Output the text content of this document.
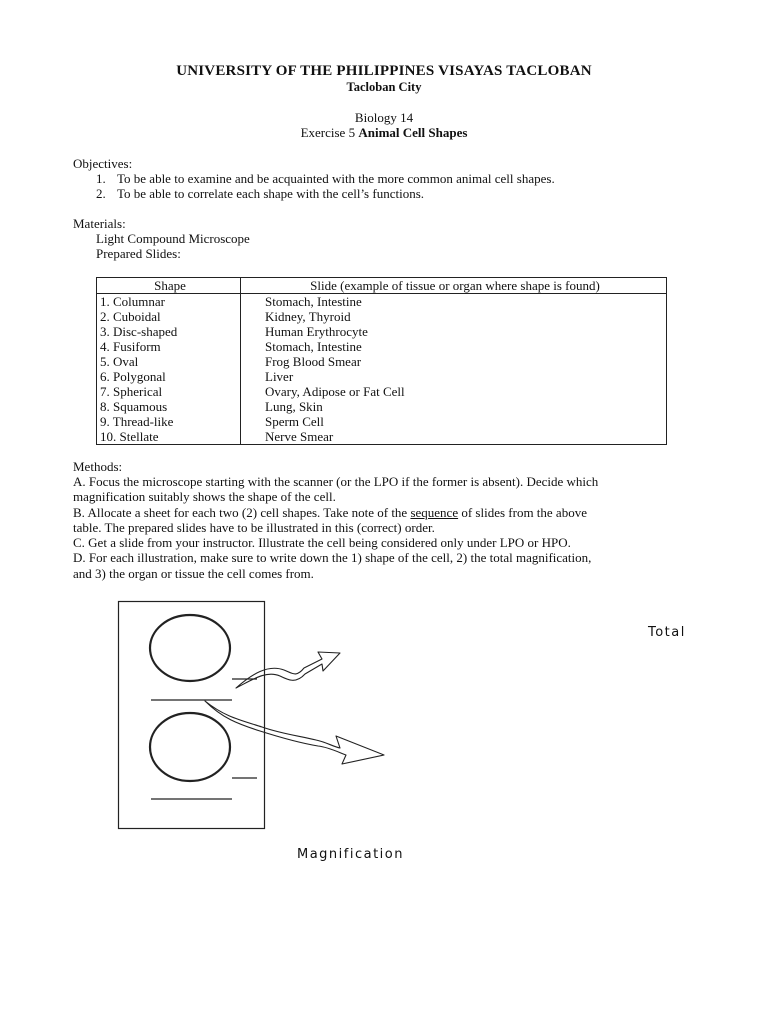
UNIVERSITY OF THE PHILIPPINES VISAYAS TACLOBAN
Tacloban City
Biology 14
Exercise 5 Animal Cell Shapes
Objectives:
1. To be able to examine and be acquainted with the more common animal cell shapes.
2. To be able to correlate each shape with the cell’s functions.
Materials:
Light Compound Microscope
Prepared Slides:
Shape	Slide (example of tissue or organ where shape is found)
1. Columnar	Stomach, Intestine
2. Cuboidal	Kidney, Thyroid
3. Disc-shaped	Human Erythrocyte
4. Fusiform	Stomach, Intestine
5. Oval	Frog Blood Smear
6. Polygonal	Liver
7. Spherical	Ovary, Adipose or Fat Cell
8. Squamous	Lung, Skin
9. Thread-like	Sperm Cell
10. Stellate	Nerve Smear
Methods:
A. Focus the microscope starting with the scanner (or the LPO if the former is absent). Decide which
magnification suitably shows the shape of the cell.
B. Allocate a sheet for each two (2) cell shapes. Take note of the sequence of slides from the above
table. The prepared slides have to be illustrated in this (correct) order.
C. Get a slide from your instructor. Illustrate the cell being considered only under LPO or HPO.
D. For each illustration, make sure to write down the 1) shape of the cell, 2) the total magnification,
and 3) the organ or tissue the cell comes from.
Total
Magnification
